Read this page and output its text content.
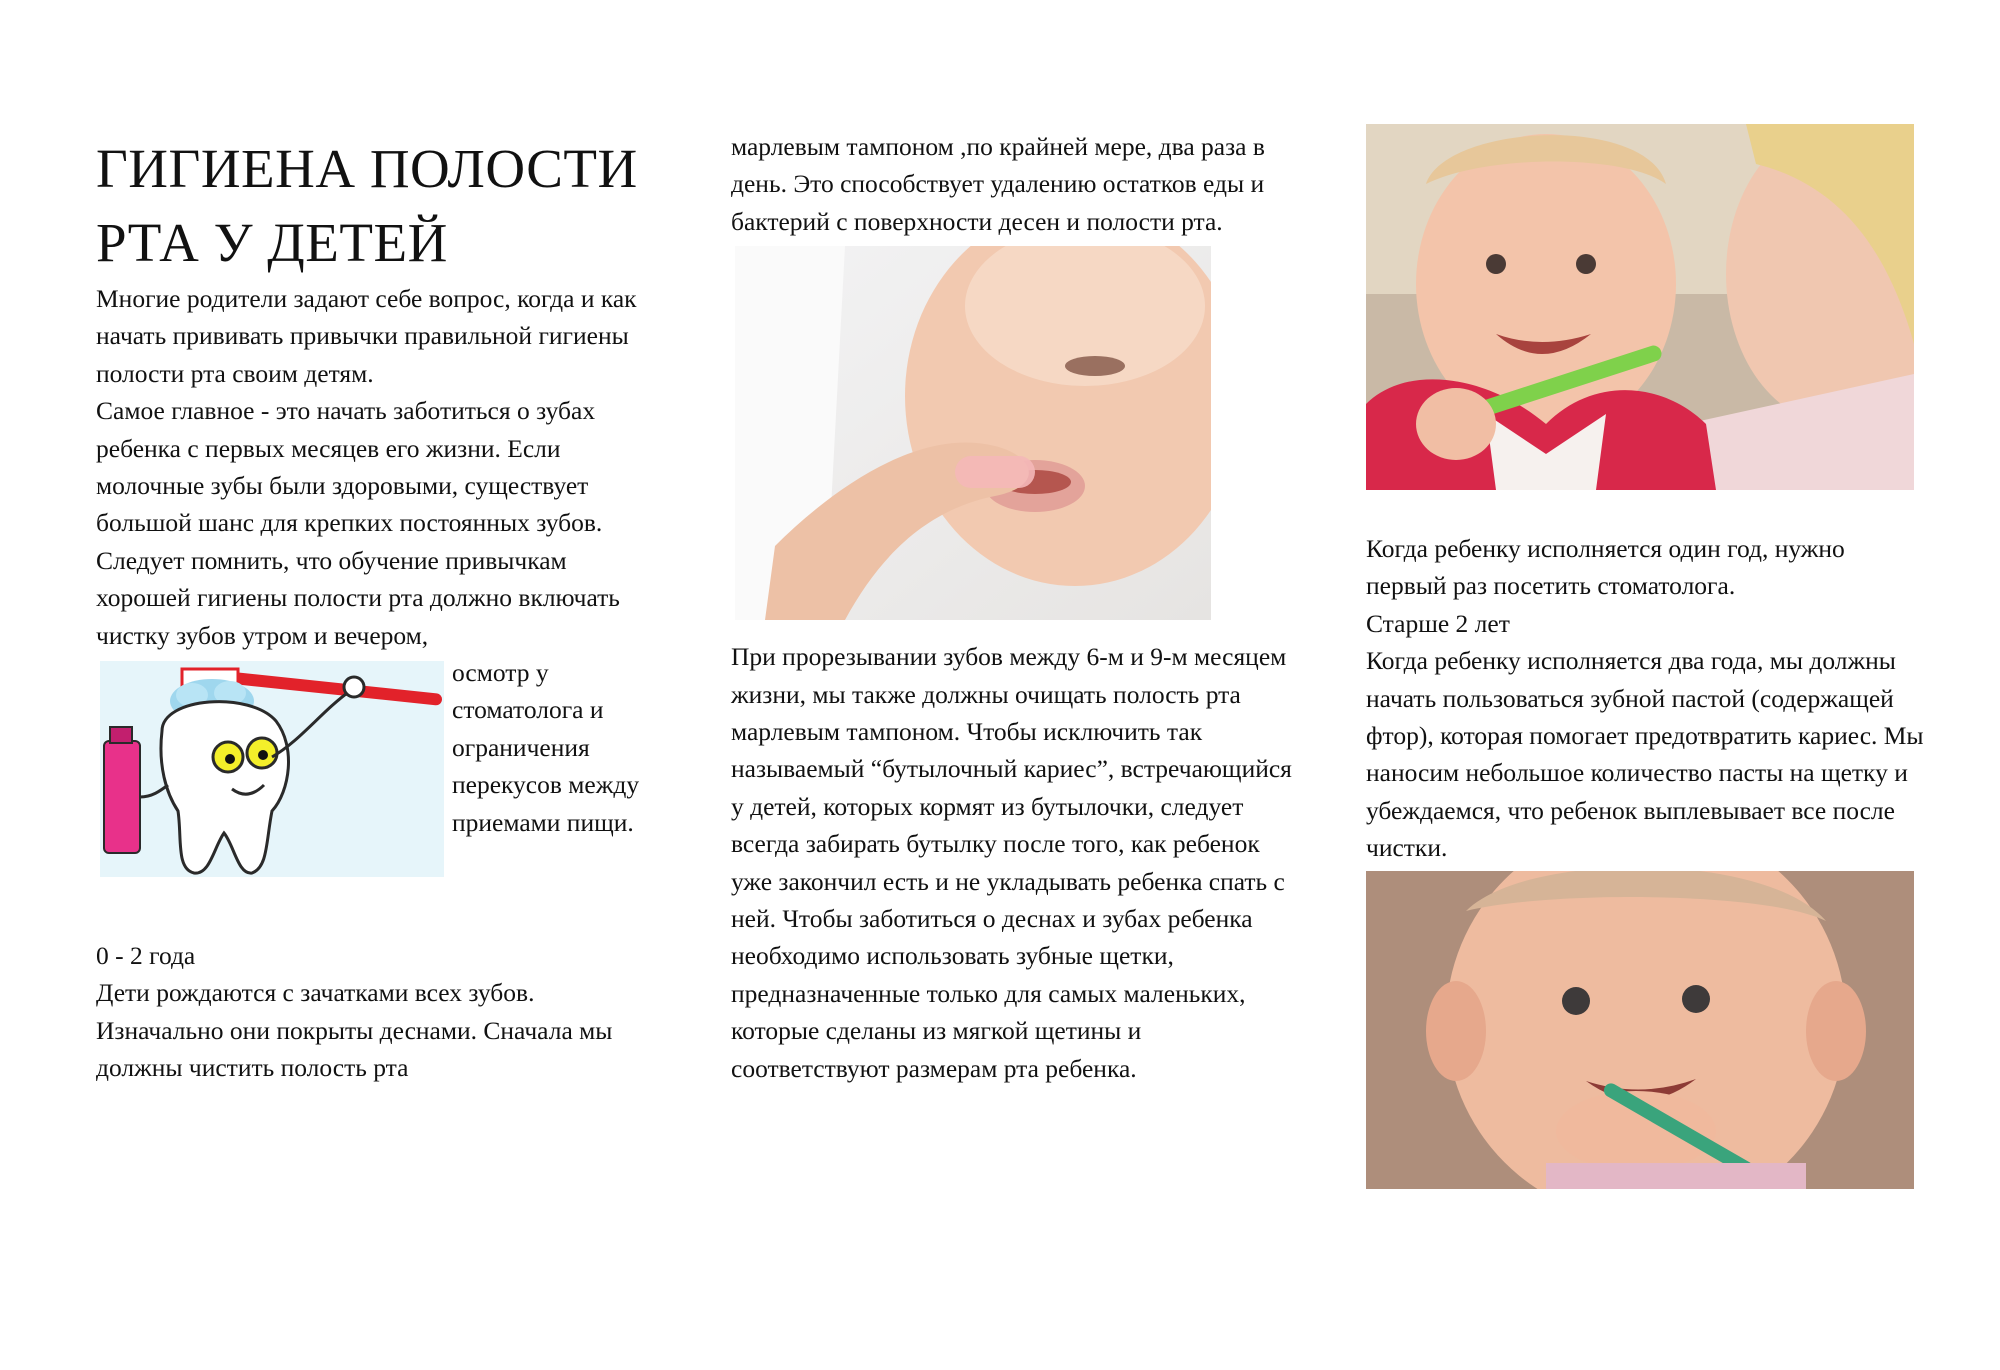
ГИГИЕНА ПОЛОСТИ РТА У ДЕТЕЙ

Многие родители задают себе вопрос, когда и как начать прививать привычки правильной гигиены полости рта своим детям.

Самое главное - это начать заботиться о зубах ребенка с первых месяцев его жизни. Если молочные зубы были здоровыми, существует большой шанс для крепких постоянных зубов. Следует помнить, что обучение привычкам хорошей гигиены полости рта должно включать чистку зубов утром и вечером,

осмотр у стоматолога и ограничения перекусов между приемами пищи.

0 - 2 года

Дети рождаются с зачатками всех зубов. Изначально они покрыты деснами. Сначала мы должны чистить полость рта

марлевым тампоном ,по крайней мере, два раза в день. Это способствует удалению остатков еды и бактерий с поверхности десен и полости рта.

При прорезывании зубов между 6-м и 9-м месяцем жизни, мы также должны очищать полость рта марлевым тампоном. Чтобы исключить так называемый “бутылочный кариес”, встречающийся у детей, которых кормят из бутылочки, следует всегда забирать бутылку после того, как ребенок уже закончил есть и не укладывать ребенка спать с ней. Чтобы заботиться о деснах и зубах ребенка необходимо использовать зубные щетки, предназначенные только для самых маленьких, которые сделаны из мягкой щетины и соответствуют размерам рта ребенка.

Когда ребенку исполняется один год, нужно первый раз посетить стоматолога.

Старше 2 лет

Когда ребенку исполняется два года, мы должны начать пользоваться зубной пастой (содержащей фтор), которая помогает предотвратить кариес. Мы наносим небольшое количество пасты на щетку и убеждаемся, что ребенок выплевывает все после чистки.
